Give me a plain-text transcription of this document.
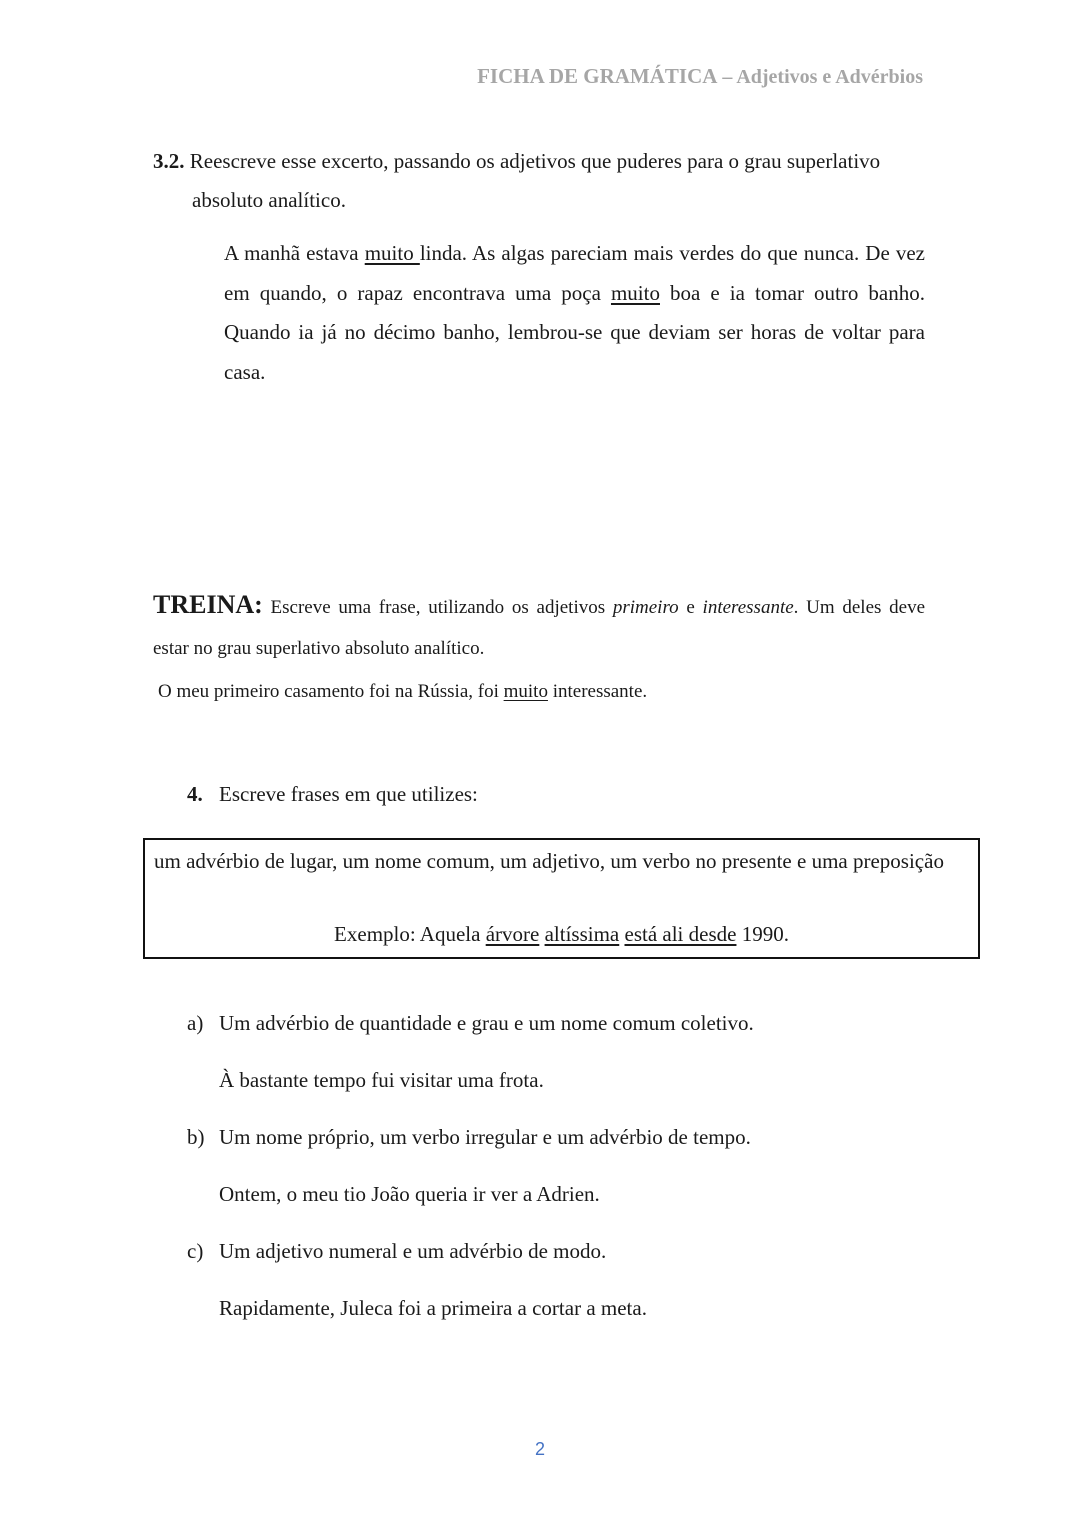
FICHA DE GRAMÁTICA – Adjetivos e Advérbios
3.2. Reescreve esse excerto, passando os adjetivos que puderes para o grau superlativo
absoluto analítico.
A manhã estava muito linda. As algas pareciam mais verdes do que nunca. De vez em quando, o rapaz encontrava uma poça muito boa e ia tomar outro banho. Quando ia já no décimo banho, lembrou-se que deviam ser horas de voltar para casa.
TREINA: Escreve uma frase, utilizando os adjetivos primeiro e interessante. Um deles deve estar no grau superlativo absoluto analítico.
O meu primeiro casamento foi na Rússia, foi muito interessante.
4. Escreve frases em que utilizes:
um advérbio de lugar, um nome comum, um adjetivo, um verbo no presente e uma preposição
Exemplo: Aquela árvore altíssima está ali desde 1990.
a) Um advérbio de quantidade e grau e um nome comum coletivo.
À bastante tempo fui visitar uma frota.
b) Um nome próprio, um verbo irregular e um advérbio de tempo.
Ontem, o meu tio João queria ir ver a Adrien.
c) Um adjetivo numeral e um advérbio de modo.
Rapidamente, Juleca foi a primeira a cortar a meta.
2
